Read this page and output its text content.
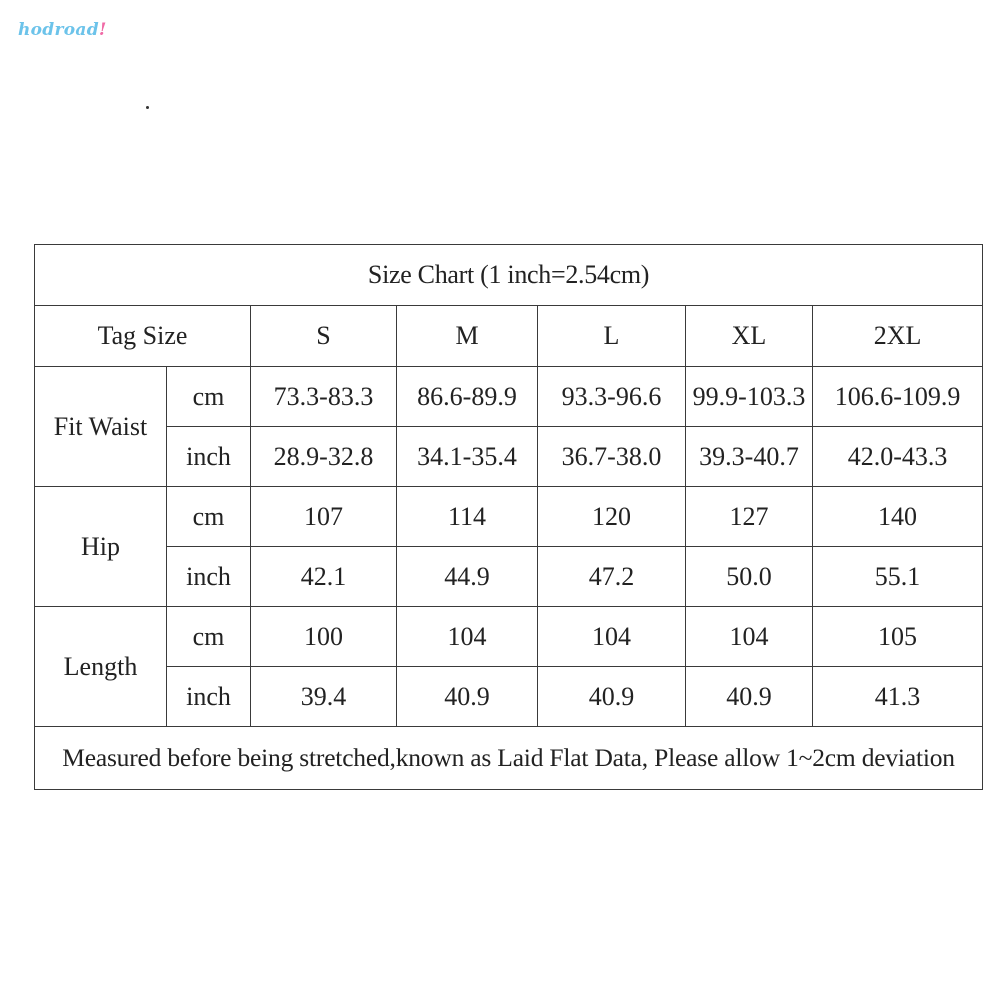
hodroad!
Size Chart (1 inch=2.54cm)						
Tag Size		S	M	L	XL	2XL
Fit Waist	cm	73.3-83.3	86.6-89.9	93.3-96.6	99.9-103.3	106.6-109.9
	inch	28.9-32.8	34.1-35.4	36.7-38.0	39.3-40.7	42.0-43.3
Hip	cm	107	114	120	127	140
	inch	42.1	44.9	47.2	50.0	55.1
Length	cm	100	104	104	104	105
	inch	39.4	40.9	40.9	40.9	41.3
Measured before being stretched,known as Laid Flat Data, Please allow 1~2cm deviation						
